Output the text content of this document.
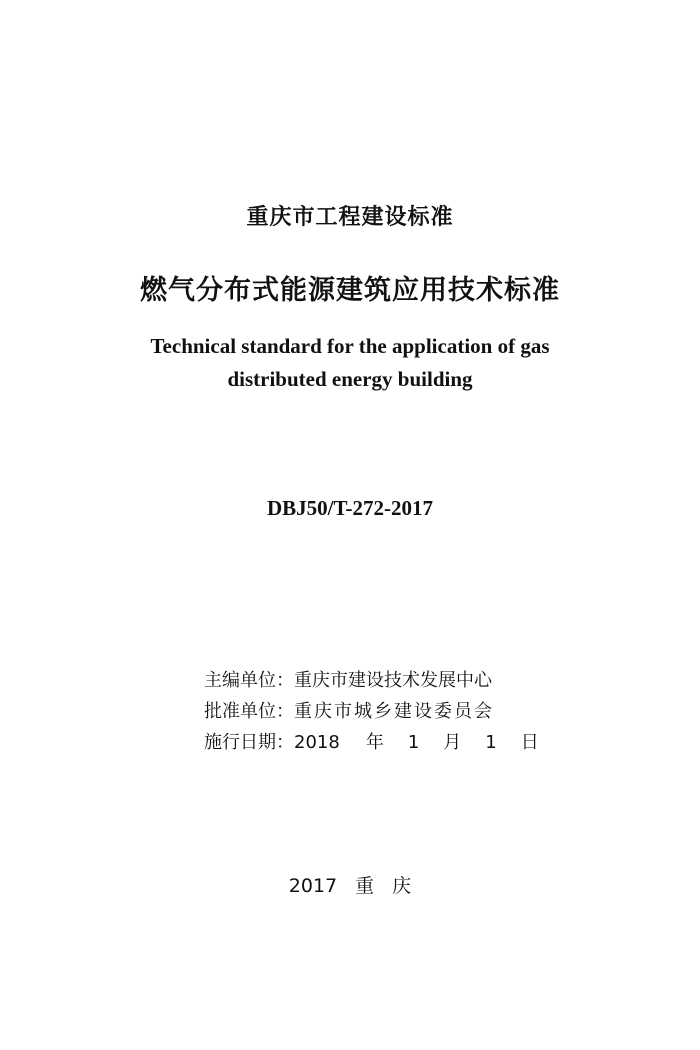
重庆市工程建设标准
燃气分布式能源建筑应用技术标准
Technical standard for the application of gas
distributed energy building
DBJ50/T-272-2017
主编单位：重庆市建设技术发展中心
批准单位：重庆市城乡建设委员会
施行日期：2018 年 1 月 1 日
2017 重 庆
